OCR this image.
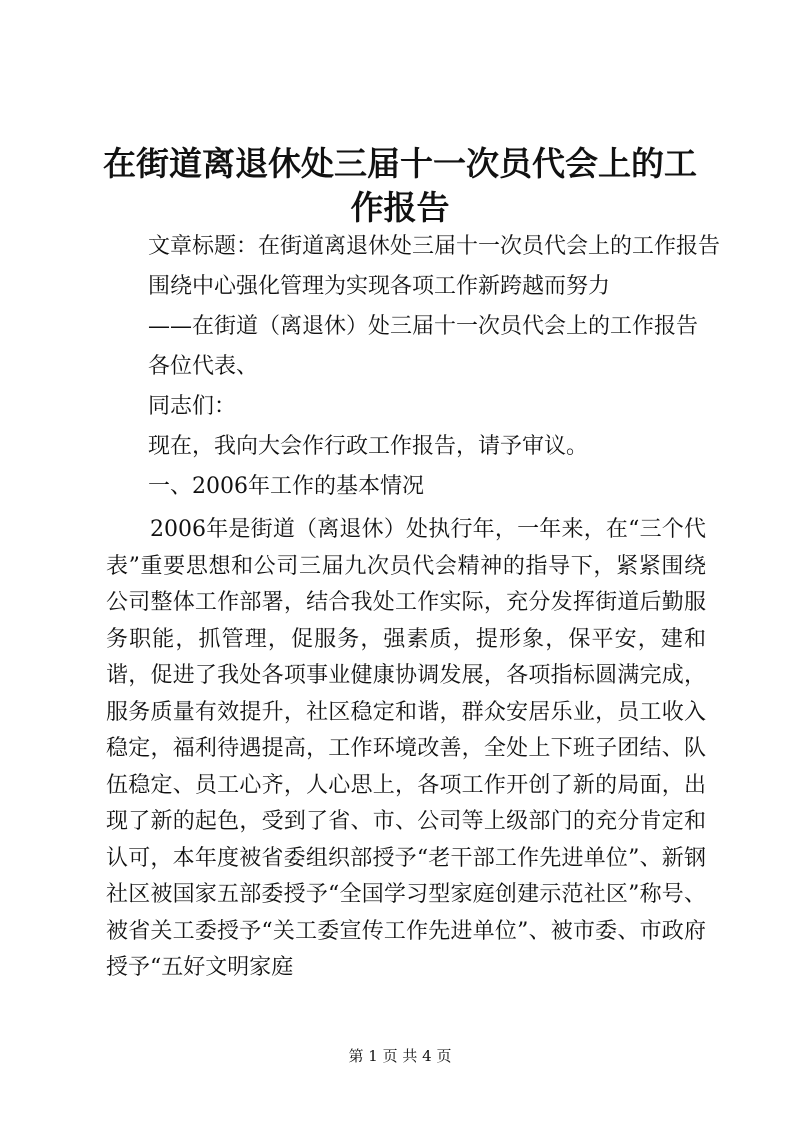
在街道离退休处三届十一次员代会上的工作报告
文章标题：在街道离退休处三届十一次员代会上的工作报告
围绕中心强化管理为实现各项工作新跨越而努力
——在街道（离退休）处三届十一次员代会上的工作报告
各位代表、
同志们：
现在，我向大会作行政工作报告，请予审议。
一、2006年工作的基本情况
2006年是街道（离退休）处执行年，一年来，在“三个代表”重要思想和公司三届九次员代会精神的指导下，紧紧围绕公司整体工作部署，结合我处工作实际，充分发挥街道后勤服务职能，抓管理，促服务，强素质，提形象，保平安，建和谐，促进了我处各项事业健康协调发展，各项指标圆满完成，服务质量有效提升，社区稳定和谐，群众安居乐业，员工收入稳定，福利待遇提高，工作环境改善，全处上下班子团结、队伍稳定、员工心齐，人心思上，各项工作开创了新的局面，出现了新的起色，受到了省、市、公司等上级部门的充分肯定和认可，本年度被省委组织部授予“老干部工作先进单位”、新钢社区被国家五部委授予“全国学习型家庭创建示范社区”称号、被省关工委授予“关工委宣传工作先进单位”、被市委、市政府授予“五好文明家庭
第 1 页 共 4 页
